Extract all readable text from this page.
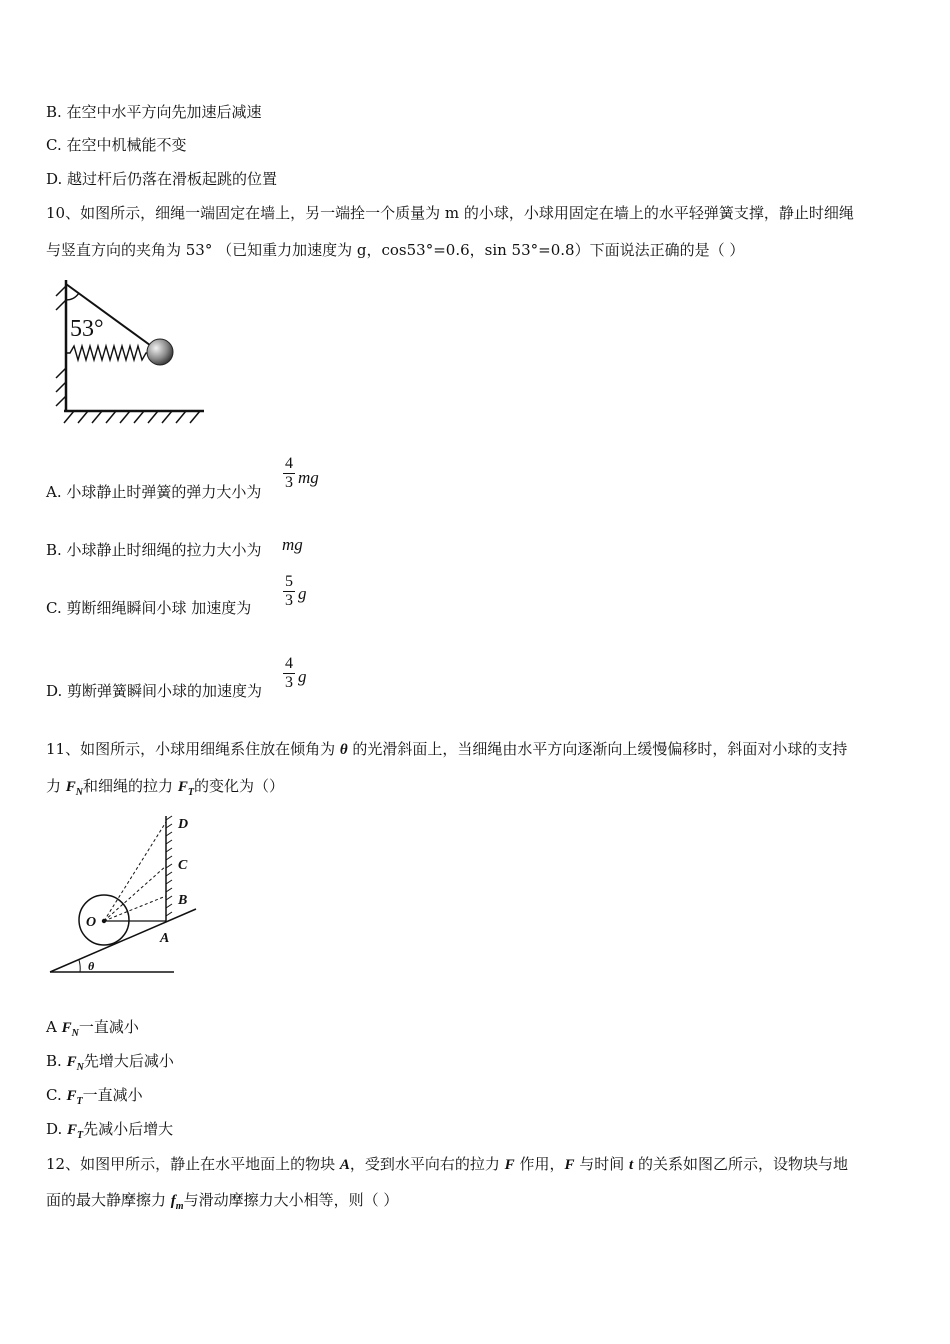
B. 在空中水平方向先加速后减速
C. 在空中机械能不变
D. 越过杆后仍落在滑板起跳的位置
10、如图所示，细绳一端固定在墙上，另一端拴一个质量为 m 的小球，小球用固定在墙上的水平轻弹簧支撑，静止时细绳
与竖直方向的夹角为 53° （已知重力加速度为 g，cos53°=0.6，sin 53°=0.8）下面说法正确的是（ ）
53°
A. 小球静止时弹簧的弹力大小为
4
3 mg
B. 小球静止时细绳的拉力大小为 mg
C. 剪断细绳瞬间小球 加速度为
5
3 g
D. 剪断弹簧瞬间小球的加速度为
4
3 g
11、如图所示，小球用细绳系住放在倾角为 θ 的光滑斜面上，当细绳由水平方向逐渐向上缓慢偏移时，斜面对小球的支持
力 $F_N$和细绳的拉力 $F_T$的变化为（）
O
A
B
C
D
θ
A $F_N$一直减小
B. $F_N$先增大后减小
C. $F_T$一直减小
D. $F_T$先减小后增大
12、如图甲所示，静止在水平地面上的物块 A，受到水平向右的拉力 F 作用，F 与时间 t 的关系如图乙所示，设物块与地
面的最大静摩擦力 $f_m$与滑动摩擦力大小相等，则（ ）
